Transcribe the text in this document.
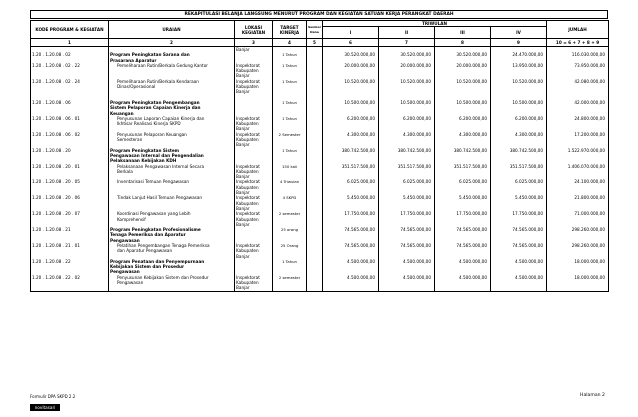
REKAPITULASI BELANJA LANGSUNG MENURUT PROGRAM DAN KEGIATAN SATUAN KERJA PERANGKAT DAERAH
KODE PROGRAM & KEGIATAN	URAIAN	LOKASI KEGIATAN	TARGET KINERJA	Sumber Dana	TRIWULAN				JUMLAH
					I	II	III	IV	
1	2	3	4	5	6	7	8	9	10 = 6 + 7 + 8 + 9
		Banjar							
1.20 . 1.20.08 . 02	Program Peningkatan Sarana dan		1 Tahun		30.520.000,00	30.520.000,00	30.520.000,00	24.470.000,00	116.030.000,00
	Prasarana Aparatur								
1.20 . 1.20.08 . 02 . 22	Pemeliharaan Rutin/Berkala Gedung Kantor	Inspektorat	1 Tahun		20.000.000,00	20.000.000,00	20.000.000,00	13.950.000,00	73.950.000,00
		Kabupaten							
		Banjar							
1.20 . 1.20.08 . 02 . 24	Pemeliharaan Rutin/Berkala Kendaraan	Inspektorat	1 Tahun		10.520.000,00	10.520.000,00	10.520.000,00	10.520.000,00	42.080.000,00
	Dinas/Operasional	Kabupaten							
		Banjar							

1.20 . 1.20.08 . 06	Program Peningkatan Pengembangan		1 Tahun		10.500.000,00	10.500.000,00	10.500.000,00	10.500.000,00	42.000.000,00
	Sistem Pelaporan Capaian Kinerja dan								
	Keuangan								
1.20 . 1.20.08 . 06 . 01	Penyusunan Laporan Capaian Kinerja dan	Inspektorat	1 Tahun		6.200.000,00	6.200.000,00	6.200.000,00	6.200.000,00	24.800.000,00
	Ikhtisar Realisasi Kinerja SKPD	Kabupaten							
		Banjar							
1.20 . 1.20.08 . 06 . 02	Penyusunan Pelaporan Keuangan	Inspektorat	2 Semester		4.300.000,00	4.300.000,00	4.300.000,00	4.300.000,00	17.200.000,00
	Semesteran	Kabupaten							
		Banjar							
1.20 . 1.20.08 . 20	Program Peningkatan Sistem		1 Tahun		380.742.500,00	380.742.500,00	380.742.500,00	380.742.500,00	1.522.970.000,00
	Pengawasan Internal dan Pengendalian								
	Pelaksanaan Kebijakan KDH								
1.20 . 1.20.08 . 20 . 01	Pelaksanaan Pengawasan Internal Secara	Inspektorat	150 kali		351.517.500,00	351.517.500,00	351.517.500,00	351.517.500,00	1.406.070.000,00
	Berkala	Kabupaten							
		Banjar							
1.20 . 1.20.08 . 20 . 05	Inventarisasi Temuan Pengawasan	Inspektorat	4 Triwulan		6.025.000,00	6.025.000,00	6.025.000,00	6.025.000,00	24.100.000,00
		Kabupaten							
		Banjar							
1.20 . 1.20.08 . 20 . 06	Tindak Lanjut Hasil Temuan Pengawasan	Inspektorat	4 SKPD		5.450.000,00	5.450.000,00	5.450.000,00	5.450.000,00	21.800.000,00
		Kabupaten							
		Banjar							
1.20 . 1.20.08 . 20 . 07	Koordinasi Pengawasan yang Lebih	Inspektorat	2 semester		17.750.000,00	17.750.000,00	17.750.000,00	17.750.000,00	71.000.000,00
	Komprehensif	Kabupaten							
		Banjar							
1.20 . 1.20.08 . 21	Program Peningkatan Profesionalisme		25 orang		74.565.000,00	74.565.000,00	74.565.000,00	74.565.000,00	298.260.000,00
	Tenaga Pemeriksa dan Aparatur								
	Pengawasan								
1.20 . 1.20.08 . 21 . 01	Pelatihan Pengembangan Tenaga Pemeriksa	Inspektorat	25 Orang		74.565.000,00	74.565.000,00	74.565.000,00	74.565.000,00	298.260.000,00
	dan Aparatur Pengawasan	Kabupaten							
		Banjar							
1.20 . 1.20.08 . 22	Program Penataan dan Penyempurnaan		1 Tahun		4.500.000,00	4.500.000,00	4.500.000,00	4.500.000,00	18.000.000,00
	Kebijakan Sistem dan Prosedur								
	Pengawasan								
1.20 . 1.20.08 . 22 . 02	Penyusunan Kebijakan Sistem dan Prosedur	Inspektorat	2 semester		4.500.000,00	4.500.000,00	4.500.000,00	4.500.000,00	18.000.000,00
	Pengawasan	Kabupaten							
		Banjar							
Formulir DPA SKPD 2.2	Halaman 2
novitasari
